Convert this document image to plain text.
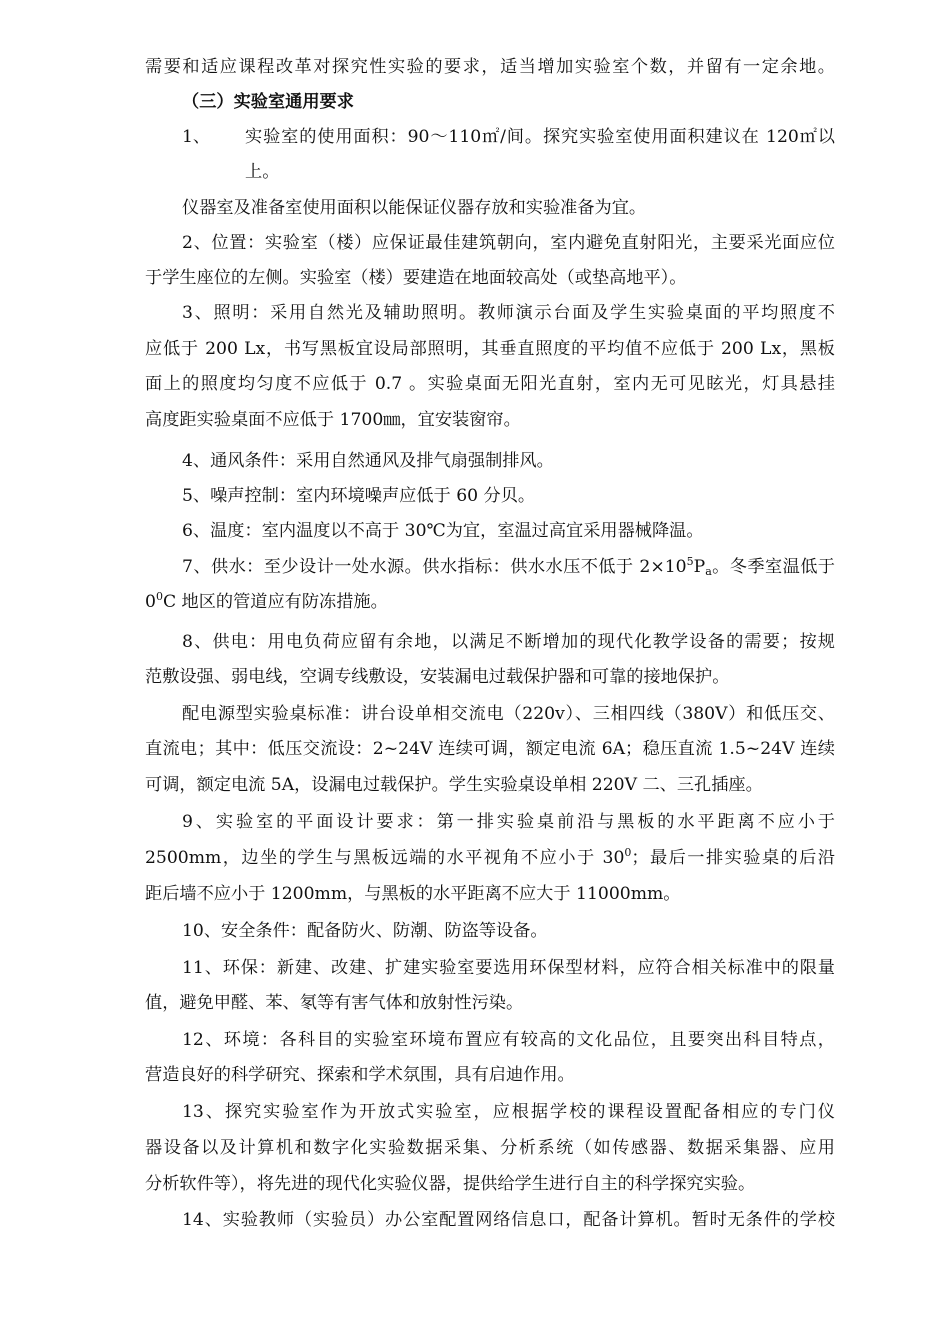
需要和适应课程改革对探究性实验的要求，适当增加实验室个数，并留有一定余地。
（三）实验室通用要求
1、	实验室的使用面积：90～110㎡/间。探究实验室使用面积建议在 120㎡以
上。
仪器室及准备室使用面积以能保证仪器存放和实验准备为宜。
2、位置：实验室（楼）应保证最佳建筑朝向，室内避免直射阳光，主要采光面应位
于学生座位的左侧。实验室（楼）要建造在地面较高处（或垫高地平）。
3、照明：采用自然光及辅助照明。教师演示台面及学生实验桌面的平均照度不
应低于 200 Lx，书写黑板宜设局部照明，其垂直照度的平均值不应低于 200 Lx，黑板
面上的照度均匀度不应低于 0.7 。实验桌面无阳光直射，室内无可见眩光，灯具悬挂
高度距实验桌面不应低于 1700㎜，宜安装窗帘。
4、通风条件：采用自然通风及排气扇强制排风。
5、噪声控制：室内环境噪声应低于 60 分贝。
6、温度：室内温度以不高于 30℃为宜，室温过高宜采用器械降温。
7、供水：至少设计一处水源。供水指标：供水水压不低于 $2\times 10^5P_a$。冬季室温低于
$0^0C$ 地区的管道应有防冻措施。
8、供电：用电负荷应留有余地，以满足不断增加的现代化教学设备的需要；按规
范敷设强、弱电线，空调专线敷设，安装漏电过载保护器和可靠的接地保护。
配电源型实验桌标准：讲台设单相交流电（220v）、三相四线（380V）和低压交、
直流电；其中：低压交流设：2~24V 连续可调，额定电流 6A；稳压直流 1.5~24V 连续
可调，额定电流 5A，设漏电过载保护。学生实验桌设单相 220V 二、三孔插座。
9、实验室的平面设计要求：第一排实验桌前沿与黑板的水平距离不应小于
2500mm，边坐的学生与黑板远端的水平视角不应小于 $30^0$；最后一排实验桌的后沿
距后墙不应小于 1200mm，与黑板的水平距离不应大于 11000mm。
10、安全条件：配备防火、防潮、防盗等设备。
11、环保：新建、改建、扩建实验室要选用环保型材料，应符合相关标准中的限量
值，避免甲醛、苯、氡等有害气体和放射性污染。
12、环境：各科目的实验室环境布置应有较高的文化品位，且要突出科目特点，
营造良好的科学研究、探索和学术氛围，具有启迪作用。
13、探究实验室作为开放式实验室，应根据学校的课程设置配备相应的专门仪
器设备以及计算机和数字化实验数据采集、分析系统（如传感器、数据采集器、应用
分析软件等），将先进的现代化实验仪器，提供给学生进行自主的科学探究实验。
14、实验教师（实验员）办公室配置网络信息口，配备计算机。暂时无条件的学校
